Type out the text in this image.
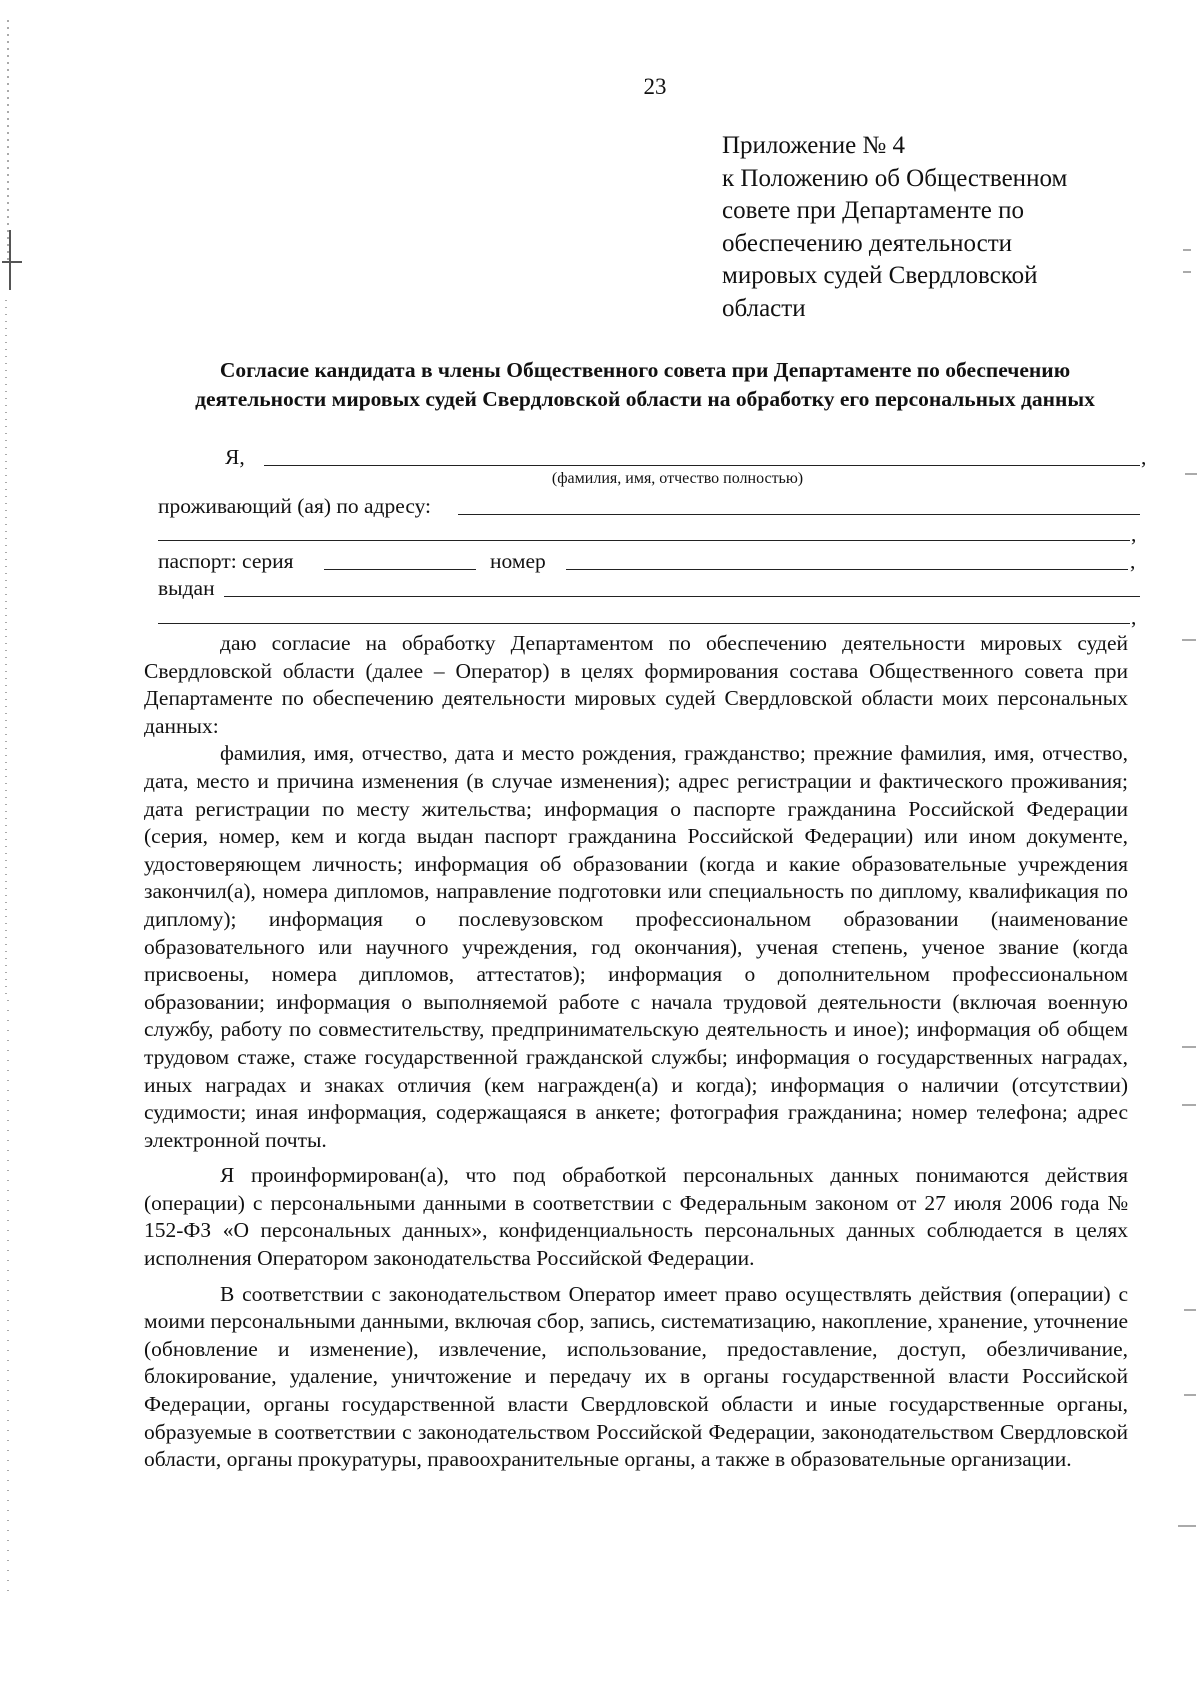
23
Приложение № 4
к Положению об Общественном
совете при Департаменте по
обеспечению деятельности
мировых судей Свердловской
области
Согласие кандидата в члены Общественного совета при Департаменте по обеспечению деятельности мировых судей Свердловской области на обработку его персональных данных
Я,	,
(фамилия, имя, отчество полностью)
проживающий (ая) по адресу:
,
паспорт: серия	номер	,
выдан
,

даю согласие на обработку Департаментом по обеспечению деятельности мировых судей Свердловской области (далее – Оператор) в целях формирования состава Общественного совета при Департаменте по обеспечению деятельности мировых судей Свердловской области моих персональных данных:

фамилия, имя, отчество, дата и место рождения, гражданство; прежние фамилия, имя, отчество, дата, место и причина изменения (в случае изменения); адрес регистрации и фактического проживания; дата регистрации по месту жительства; информация о паспорте гражданина Российской Федерации (серия, номер, кем и когда выдан паспорт гражданина Российской Федерации) или ином документе, удостоверяющем личность; информация об образовании (когда и какие образовательные учреждения закончил(а), номера дипломов, направление подготовки или специальность по диплому, квалификация по диплому); информация о послевузовском профессиональном образовании (наименование образовательного или научного учреждения, год окончания), ученая степень, ученое звание (когда присвоены, номера дипломов, аттестатов); информация о дополнительном профессиональном образовании; информация о выполняемой работе с начала трудовой деятельности (включая военную службу, работу по совместительству, предпринимательскую деятельность и иное); информация об общем трудовом стаже, стаже государственной гражданской службы; информация о государственных наградах, иных наградах и знаках отличия (кем награжден(а) и когда); информация о наличии (отсутствии) судимости; иная информация, содержащаяся в анкете; фотография гражданина; номер телефона; адрес электронной почты.

Я проинформирован(а), что под обработкой персональных данных понимаются действия (операции) с персональными данными в соответствии с Федеральным законом от 27 июля 2006 года № 152-ФЗ «О персональных данных», конфиденциальность персональных данных соблюдается в целях исполнения Оператором законодательства Российской Федерации.

В соответствии с законодательством Оператор имеет право осуществлять действия (операции) с моими персональными данными, включая сбор, запись, систематизацию, накопление, хранение, уточнение (обновление и изменение), извлечение, использование, предоставление, доступ, обезличивание, блокирование, удаление, уничтожение и передачу их в органы государственной власти Российской Федерации, органы государственной власти Свердловской области и иные государственные органы, образуемые в соответствии с законодательством Российской Федерации, законодательством Свердловской области, органы прокуратуры, правоохранительные органы, а также в образовательные организации.
